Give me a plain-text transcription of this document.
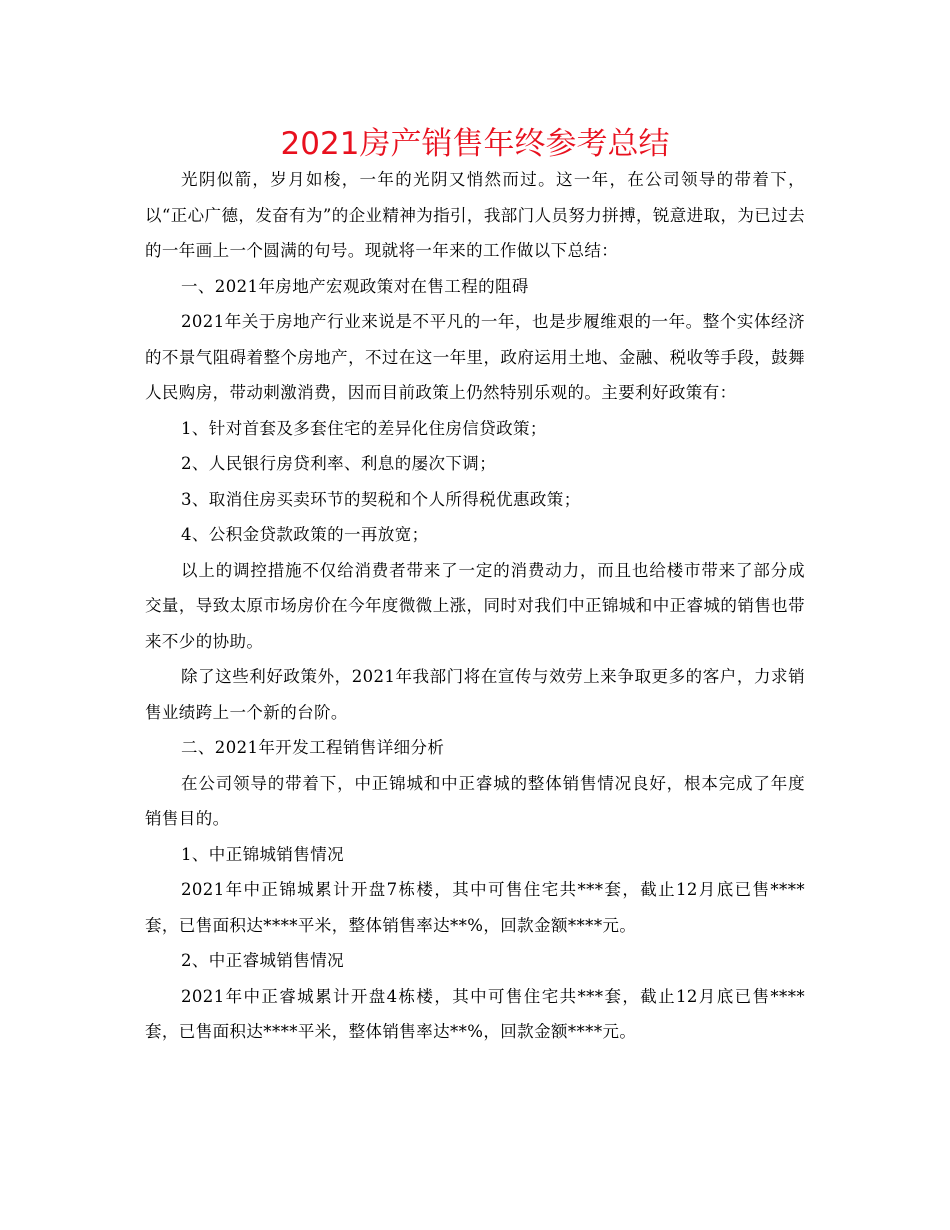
2021房产销售年终参考总结

光阴似箭，岁月如梭，一年的光阴又悄然而过。这一年，在公司领导的带着下，以“正心广德，发奋有为”的企业精神为指引，我部门人员努力拼搏，锐意进取，为已过去的一年画上一个圆满的句号。现就将一年来的工作做以下总结：

一、2021年房地产宏观政策对在售工程的阻碍

2021年关于房地产行业来说是不平凡的一年，也是步履维艰的一年。整个实体经济的不景气阻碍着整个房地产，不过在这一年里，政府运用土地、金融、税收等手段，鼓舞人民购房，带动刺激消费，因而目前政策上仍然特别乐观的。主要利好政策有：

1、针对首套及多套住宅的差异化住房信贷政策；

2、人民银行房贷利率、利息的屡次下调；

3、取消住房买卖环节的契税和个人所得税优惠政策；

4、公积金贷款政策的一再放宽；

以上的调控措施不仅给消费者带来了一定的消费动力，而且也给楼市带来了部分成交量，导致太原市场房价在今年度微微上涨，同时对我们中正锦城和中正睿城的销售也带来不少的协助。

除了这些利好政策外，2021年我部门将在宣传与效劳上来争取更多的客户，力求销售业绩跨上一个新的台阶。

二、2021年开发工程销售详细分析

在公司领导的带着下，中正锦城和中正睿城的整体销售情况良好，根本完成了年度销售目的。

1、中正锦城销售情况

2021年中正锦城累计开盘7栋楼，其中可售住宅共***套，截止12月底已售****套，已售面积达****平米，整体销售率达**%，回款金额****元。

2、中正睿城销售情况

2021年中正睿城累计开盘4栋楼，其中可售住宅共***套，截止12月底已售****套，已售面积达****平米，整体销售率达**%，回款金额****元。
